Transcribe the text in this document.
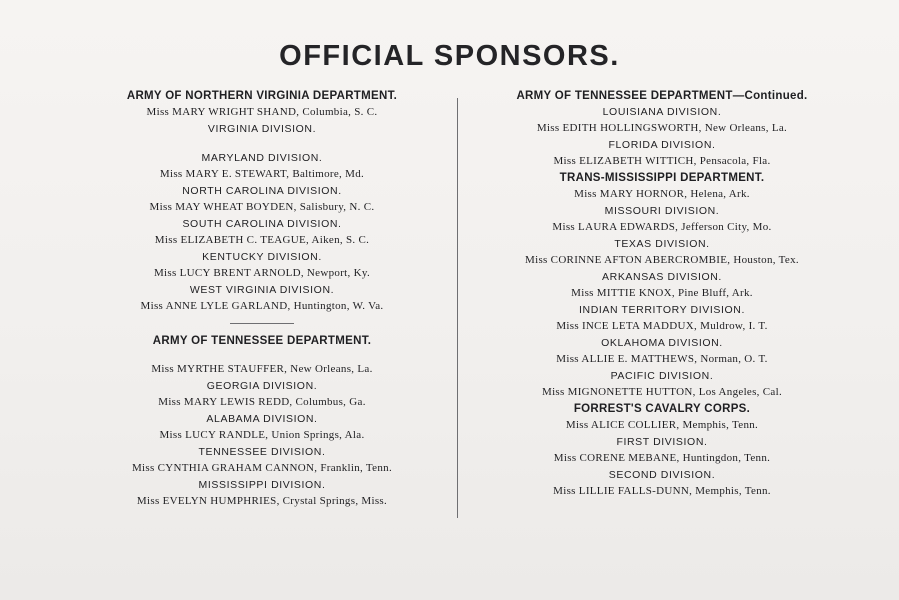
OFFICIAL SPONSORS.

ARMY OF NORTHERN VIRGINIA DEPARTMENT.

Miss MARY WRIGHT SHAND, Columbia, S. C.

VIRGINIA DIVISION.

MARYLAND DIVISION.

Miss MARY E. STEWART, Baltimore, Md.

NORTH CAROLINA DIVISION.

Miss MAY WHEAT BOYDEN, Salisbury, N. C.

SOUTH CAROLINA DIVISION.

Miss ELIZABETH C. TEAGUE, Aiken, S. C.

KENTUCKY DIVISION.

Miss LUCY BRENT ARNOLD, Newport, Ky.

WEST VIRGINIA DIVISION.

Miss ANNE LYLE GARLAND, Huntington, W. Va.

ARMY OF TENNESSEE DEPARTMENT.

Miss MYRTHE STAUFFER, New Orleans, La.

GEORGIA DIVISION.

Miss MARY LEWIS REDD, Columbus, Ga.

ALABAMA DIVISION.

Miss LUCY RANDLE, Union Springs, Ala.

TENNESSEE DIVISION.

Miss CYNTHIA GRAHAM CANNON, Franklin, Tenn.

MISSISSIPPI DIVISION.

Miss EVELYN HUMPHRIES, Crystal Springs, Miss.

ARMY OF TENNESSEE DEPARTMENT—Continued.

LOUISIANA DIVISION.

Miss EDITH HOLLINGSWORTH, New Orleans, La.

FLORIDA DIVISION.

Miss ELIZABETH WITTICH, Pensacola, Fla.

TRANS-MISSISSIPPI DEPARTMENT.

Miss MARY HORNOR, Helena, Ark.

MISSOURI DIVISION.

Miss LAURA EDWARDS, Jefferson City, Mo.

TEXAS DIVISION.

Miss CORINNE AFTON ABERCROMBIE, Houston, Tex.

ARKANSAS DIVISION.

Miss MITTIE KNOX, Pine Bluff, Ark.

INDIAN TERRITORY DIVISION.

Miss INCE LETA MADDUX, Muldrow, I. T.

OKLAHOMA DIVISION.

Miss ALLIE E. MATTHEWS, Norman, O. T.

PACIFIC DIVISION.

Miss MIGNONETTE HUTTON, Los Angeles, Cal.

FORREST'S CAVALRY CORPS.

Miss ALICE COLLIER, Memphis, Tenn.

FIRST DIVISION.

Miss CORENE MEBANE, Huntingdon, Tenn.

SECOND DIVISION.

Miss LILLIE FALLS-DUNN, Memphis, Tenn.
